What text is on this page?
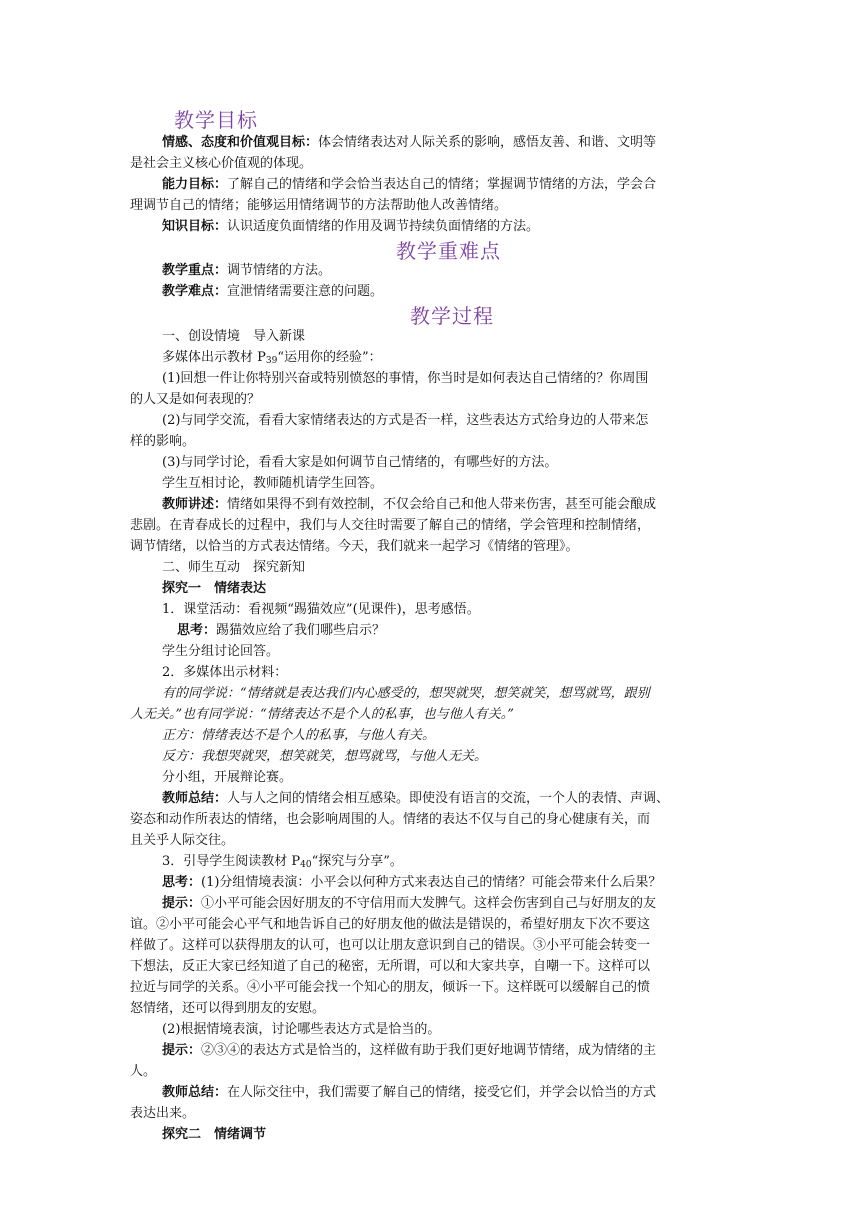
教学目标
情感、态度和价值观目标：体会情绪表达对人际关系的影响，感悟友善、和谐、文明等
是社会主义核心价值观的体现。
能力目标：了解自己的情绪和学会恰当表达自己的情绪；掌握调节情绪的方法，学会合
理调节自己的情绪；能够运用情绪调节的方法帮助他人改善情绪。
知识目标：认识适度负面情绪的作用及调节持续负面情绪的方法。
教学重难点
教学重点：调节情绪的方法。
教学难点：宣泄情绪需要注意的问题。
教学过程
一、创设情境　导入新课
多媒体出示教材 $P_{39}“$运用你的经验”：
(1)回想一件让你特别兴奋或特别愤怒的事情，你当时是如何表达自己情绪的？你周围
的人又是如何表现的？
(2)与同学交流，看看大家情绪表达的方式是否一样，这些表达方式给身边的人带来怎
样的影响。
(3)与同学讨论，看看大家是如何调节自己情绪的，有哪些好的方法。
学生互相讨论，教师随机请学生回答。
教师讲述：情绪如果得不到有效控制，不仅会给自己和他人带来伤害，甚至可能会酿成
悲剧。在青春成长的过程中，我们与人交往时需要了解自己的情绪，学会管理和控制情绪，
调节情绪，以恰当的方式表达情绪。今天，我们就来一起学习《情绪的管理》。
二、师生互动　探究新知
探究一　情绪表达
1．课堂活动：看视频“踢猫效应”(见课件)，思考感悟。
思考：踢猫效应给了我们哪些启示？
学生分组讨论回答。
2．多媒体出示材料：
有的同学说：“情绪就是表达我们内心感受的，想哭就哭，想笑就笑，想骂就骂，跟别
人无关。”也有同学说：“情绪表达不是个人的私事，也与他人有关。”
正方：情绪表达不是个人的私事，与他人有关。
反方：我想哭就哭，想笑就笑，想骂就骂，与他人无关。
分小组，开展辩论赛。
教师总结：人与人之间的情绪会相互感染。即使没有语言的交流，一个人的表情、声调、
姿态和动作所表达的情绪，也会影响周围的人。情绪的表达不仅与自己的身心健康有关，而
且关乎人际交往。
3．引导学生阅读教材 $P_{40}“$探究与分享”。
思考：(1)分组情境表演：小平会以何种方式来表达自己的情绪？可能会带来什么后果？
提示：①小平可能会因好朋友的不守信用而大发脾气。这样会伤害到自己与好朋友的友
谊。②小平可能会心平气和地告诉自己的好朋友他的做法是错误的，希望好朋友下次不要这
样做了。这样可以获得朋友的认可，也可以让朋友意识到自己的错误。③小平可能会转变一
下想法，反正大家已经知道了自己的秘密，无所谓，可以和大家共享，自嘲一下。这样可以
拉近与同学的关系。④小平可能会找一个知心的朋友，倾诉一下。这样既可以缓解自己的愤
怒情绪，还可以得到朋友的安慰。
(2)根据情境表演，讨论哪些表达方式是恰当的。
提示：②③④的表达方式是恰当的，这样做有助于我们更好地调节情绪，成为情绪的主
人。
教师总结：在人际交往中，我们需要了解自己的情绪，接受它们，并学会以恰当的方式
表达出来。
探究二　情绪调节
